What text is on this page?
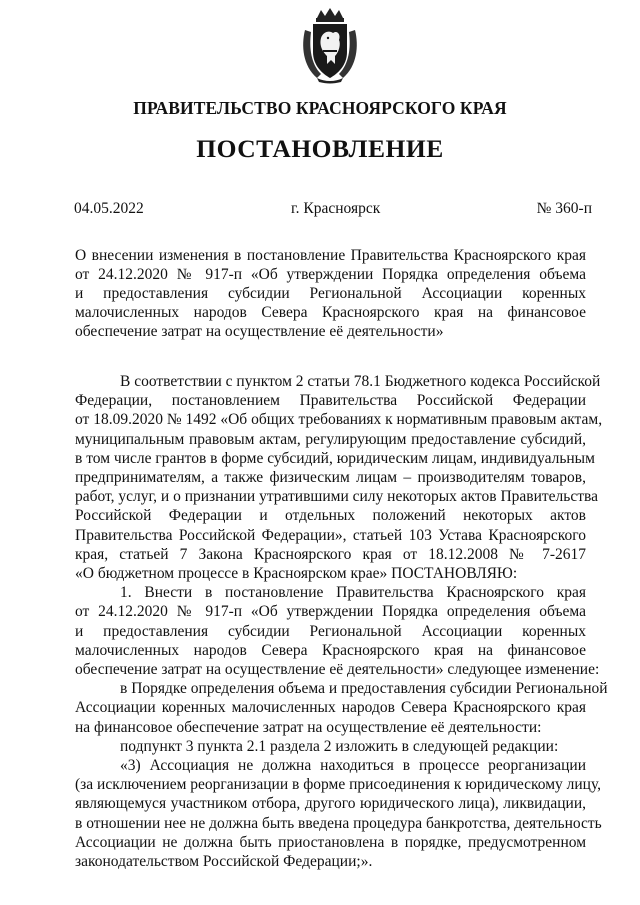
ПРАВИТЕЛЬСТВО КРАСНОЯРСКОГО КРАЯ
ПОСТАНОВЛЕНИЕ
04.05.2022	г. Красноярск	№ 360-п
О внесении изменения в постановление Правительства Красноярского края
от 24.12.2020 № 917-п «Об утверждении Порядка определения объема
и предоставления субсидии Региональной Ассоциации коренных
малочисленных народов Севера Красноярского края на финансовое
обеспечение затрат на осуществление её деятельности»
В соответствии с пунктом 2 статьи 78.1 Бюджетного кодекса Российской
Федерации, постановлением Правительства Российской Федерации
от 18.09.2020 № 1492 «Об общих требованиях к нормативным правовым актам,
муниципальным правовым актам, регулирующим предоставление субсидий,
в том числе грантов в форме субсидий, юридическим лицам, индивидуальным
предпринимателям, а также физическим лицам – производителям товаров,
работ, услуг, и о признании утратившими силу некоторых актов Правительства
Российской Федерации и отдельных положений некоторых актов
Правительства Российской Федерации», статьей 103 Устава Красноярского
края, статьей 7 Закона Красноярского края от 18.12.2008 № 7-2617
«О бюджетном процессе в Красноярском крае» ПОСТАНОВЛЯЮ:
1. Внести в постановление Правительства Красноярского края
от 24.12.2020 № 917-п «Об утверждении Порядка определения объема
и предоставления субсидии Региональной Ассоциации коренных
малочисленных народов Севера Красноярского края на финансовое
обеспечение затрат на осуществление её деятельности» следующее изменение:
в Порядке определения объема и предоставления субсидии Региональной
Ассоциации коренных малочисленных народов Севера Красноярского края
на финансовое обеспечение затрат на осуществление её деятельности:
подпункт 3 пункта 2.1 раздела 2 изложить в следующей редакции:
«3) Ассоциация не должна находиться в процессе реорганизации
(за исключением реорганизации в форме присоединения к юридическому лицу,
являющемуся участником отбора, другого юридического лица), ликвидации,
в отношении нее не должна быть введена процедура банкротства, деятельность
Ассоциации не должна быть приостановлена в порядке, предусмотренном
законодательством Российской Федерации;».
